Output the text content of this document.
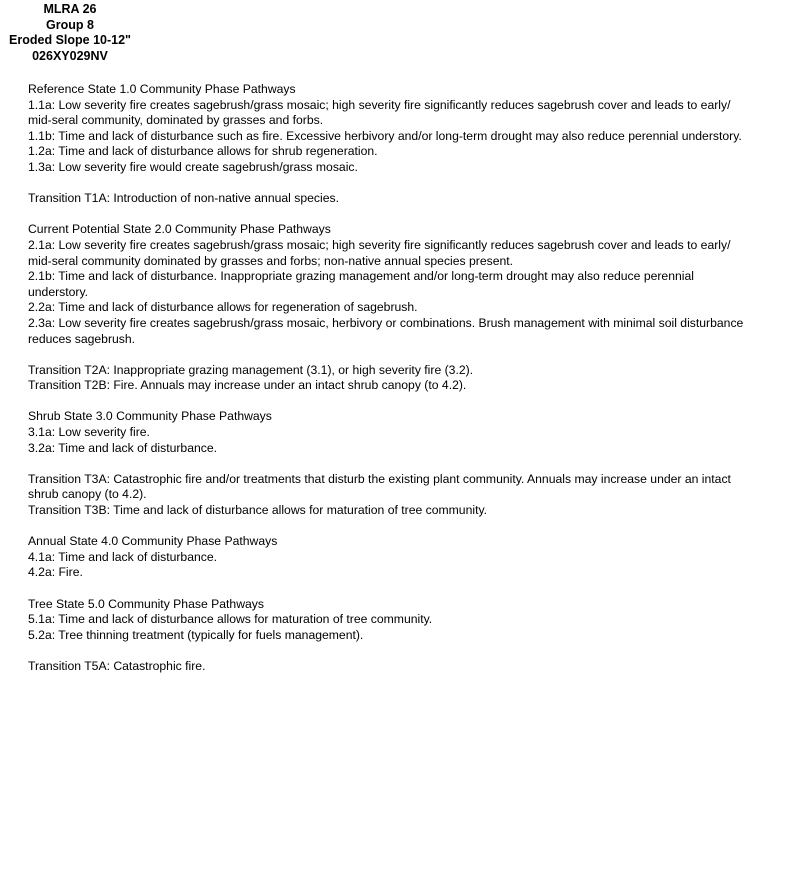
MLRA 26
Group 8
Eroded Slope 10-12"
026XY029NV
Reference State 1.0 Community Phase Pathways
1.1a: Low severity fire creates sagebrush/grass mosaic; high severity fire significantly reduces sagebrush cover and leads to early/
mid-seral community, dominated by grasses and forbs.
1.1b: Time and lack of disturbance such as fire. Excessive herbivory and/or long-term drought may also reduce perennial understory.
1.2a: Time and lack of disturbance allows for shrub regeneration.
1.3a: Low severity fire would create sagebrush/grass mosaic.
Transition T1A: Introduction of non-native annual species.
Current Potential State 2.0 Community Phase Pathways
2.1a: Low severity fire creates sagebrush/grass mosaic; high severity fire significantly reduces sagebrush cover and leads to early/
mid-seral community dominated by grasses and forbs; non-native annual species present.
2.1b: Time and lack of disturbance. Inappropriate grazing management and/or long-term drought may also reduce perennial
understory.
2.2a: Time and lack of disturbance allows for regeneration of sagebrush.
2.3a: Low severity fire creates sagebrush/grass mosaic, herbivory or combinations. Brush management with minimal soil disturbance
reduces sagebrush.
Transition T2A: Inappropriate grazing management (3.1), or high severity fire (3.2).
Transition T2B: Fire. Annuals may increase under an intact shrub canopy (to 4.2).
Shrub State 3.0 Community Phase Pathways
3.1a: Low severity fire.
3.2a: Time and lack of disturbance.
Transition T3A: Catastrophic fire and/or treatments that disturb the existing plant community. Annuals may increase under an intact
shrub canopy (to 4.2).
Transition T3B: Time and lack of disturbance allows for maturation of tree community.
Annual State 4.0 Community Phase Pathways
4.1a: Time and lack of disturbance.
4.2a: Fire.
Tree State 5.0 Community Phase Pathways
5.1a: Time and lack of disturbance allows for maturation of tree community.
5.2a: Tree thinning treatment (typically for fuels management).
Transition T5A: Catastrophic fire.
